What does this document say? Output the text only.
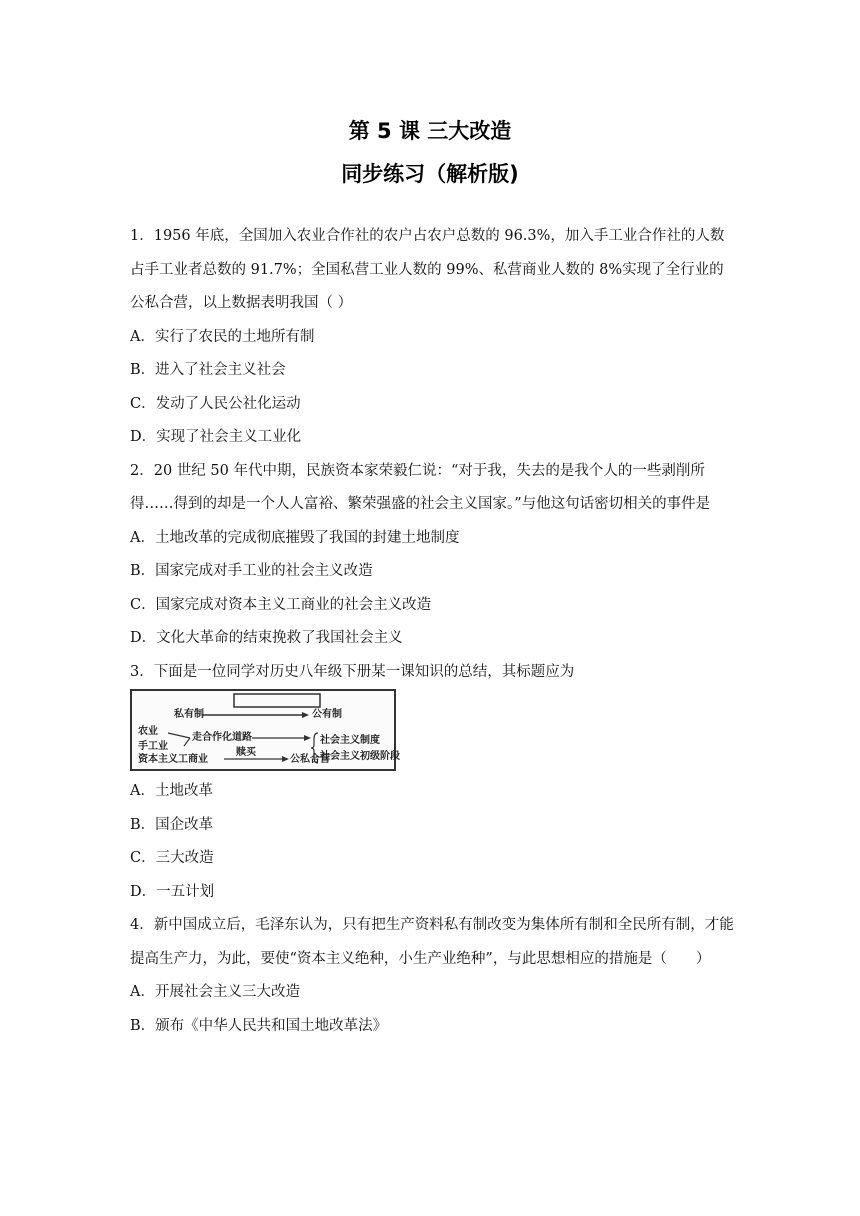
第 5 课 三大改造
同步练习（解析版)

1．1956 年底，全国加入农业合作社的农户占农户总数的 96.3%，加入手工业合作社的人数占手工业者总数的 91.7%；全国私营工业人数的 99%、私营商业人数的 8%实现了全行业的公私合营，以上数据表明我国（ ）

A．实行了农民的土地所有制

B．进入了社会主义社会

C．发动了人民公社化运动

D．实现了社会主义工业化

2．20 世纪 50 年代中期，民族资本家荣毅仁说：“对于我，失去的是我个人的一些剥削所得……得到的却是一个人人富裕、繁荣强盛的社会主义国家。”与他这句话密切相关的事件是

A．土地改革的完成彻底摧毁了我国的封建土地制度

B．国家完成对手工业的社会主义改造

C．国家完成对资本主义工商业的社会主义改造

D．文化大革命的结束挽救了我国社会主义

3．下面是一位同学对历史八年级下册某一课知识的总结，其标题应为

私有制	公有制
农业
手工业
走合作化道路
资本主义工商业
赎买
公私合营
社会主义制度
社会主义初级阶段

A．土地改革

B．国企改革

C．三大改造

D．一五计划

4．新中国成立后，毛泽东认为，只有把生产资料私有制改变为集体所有制和全民所有制，才能提高生产力，为此，要使“资本主义绝种，小生产业绝种”，与此思想相应的措施是（　　）

A．开展社会主义三大改造

B．颁布《中华人民共和国土地改革法》
